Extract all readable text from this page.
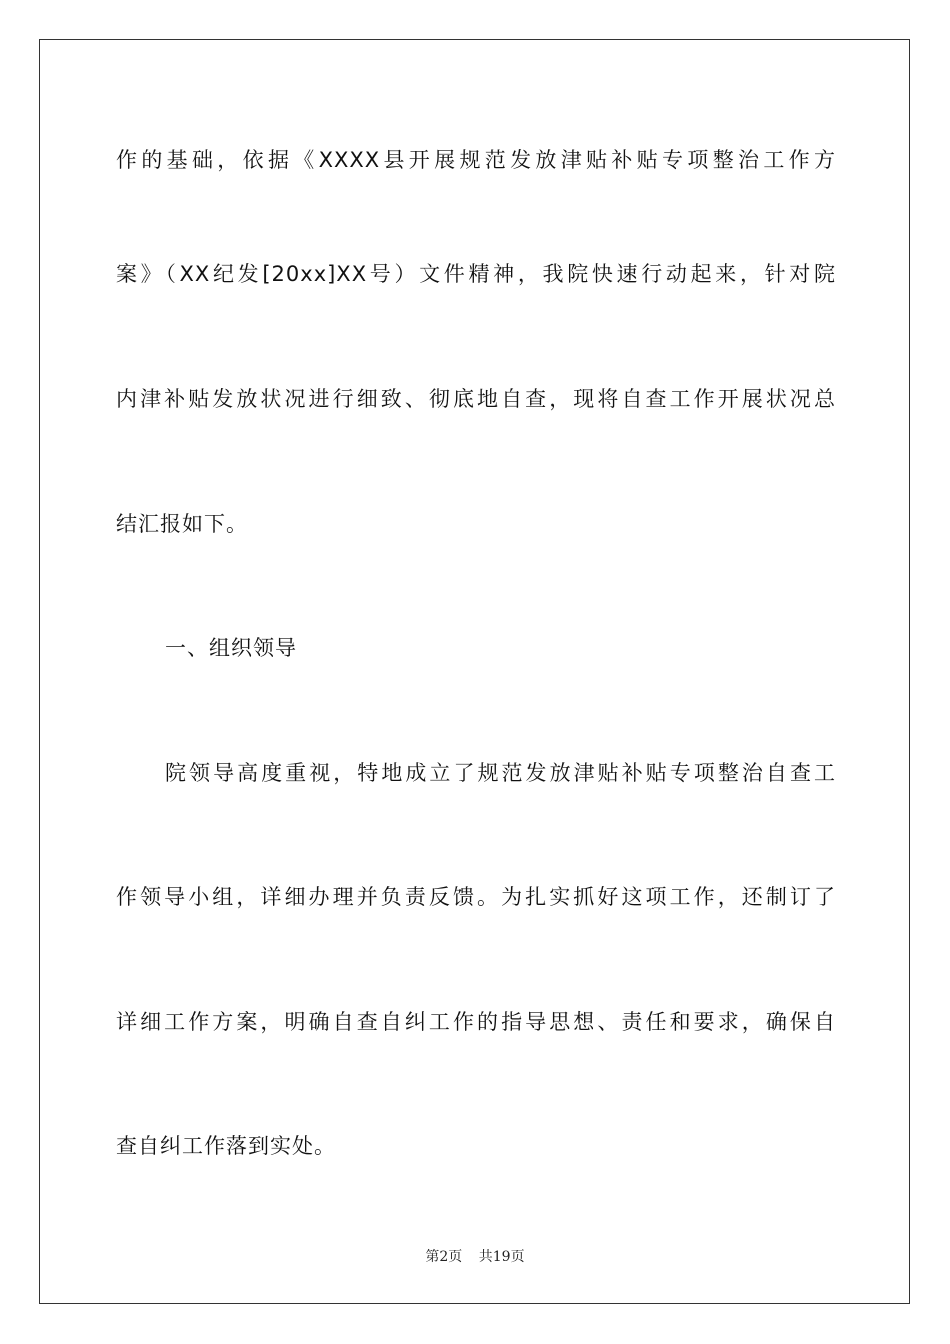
作的基础，依据《XXXX县开展规范发放津贴补贴专项整治工作方
案》（XX纪发[20xx]XX号）文件精神，我院快速行动起来，针对院
内津补贴发放状况进行细致、彻底地自查，现将自查工作开展状况总
结汇报如下。
一、组织领导
院领导高度重视，特地成立了规范发放津贴补贴专项整治自查工
作领导小组，详细办理并负责反馈。为扎实抓好这项工作，还制订了
详细工作方案，明确自查自纠工作的指导思想、责任和要求，确保自
查自纠工作落到实处。
第2页 共19页
